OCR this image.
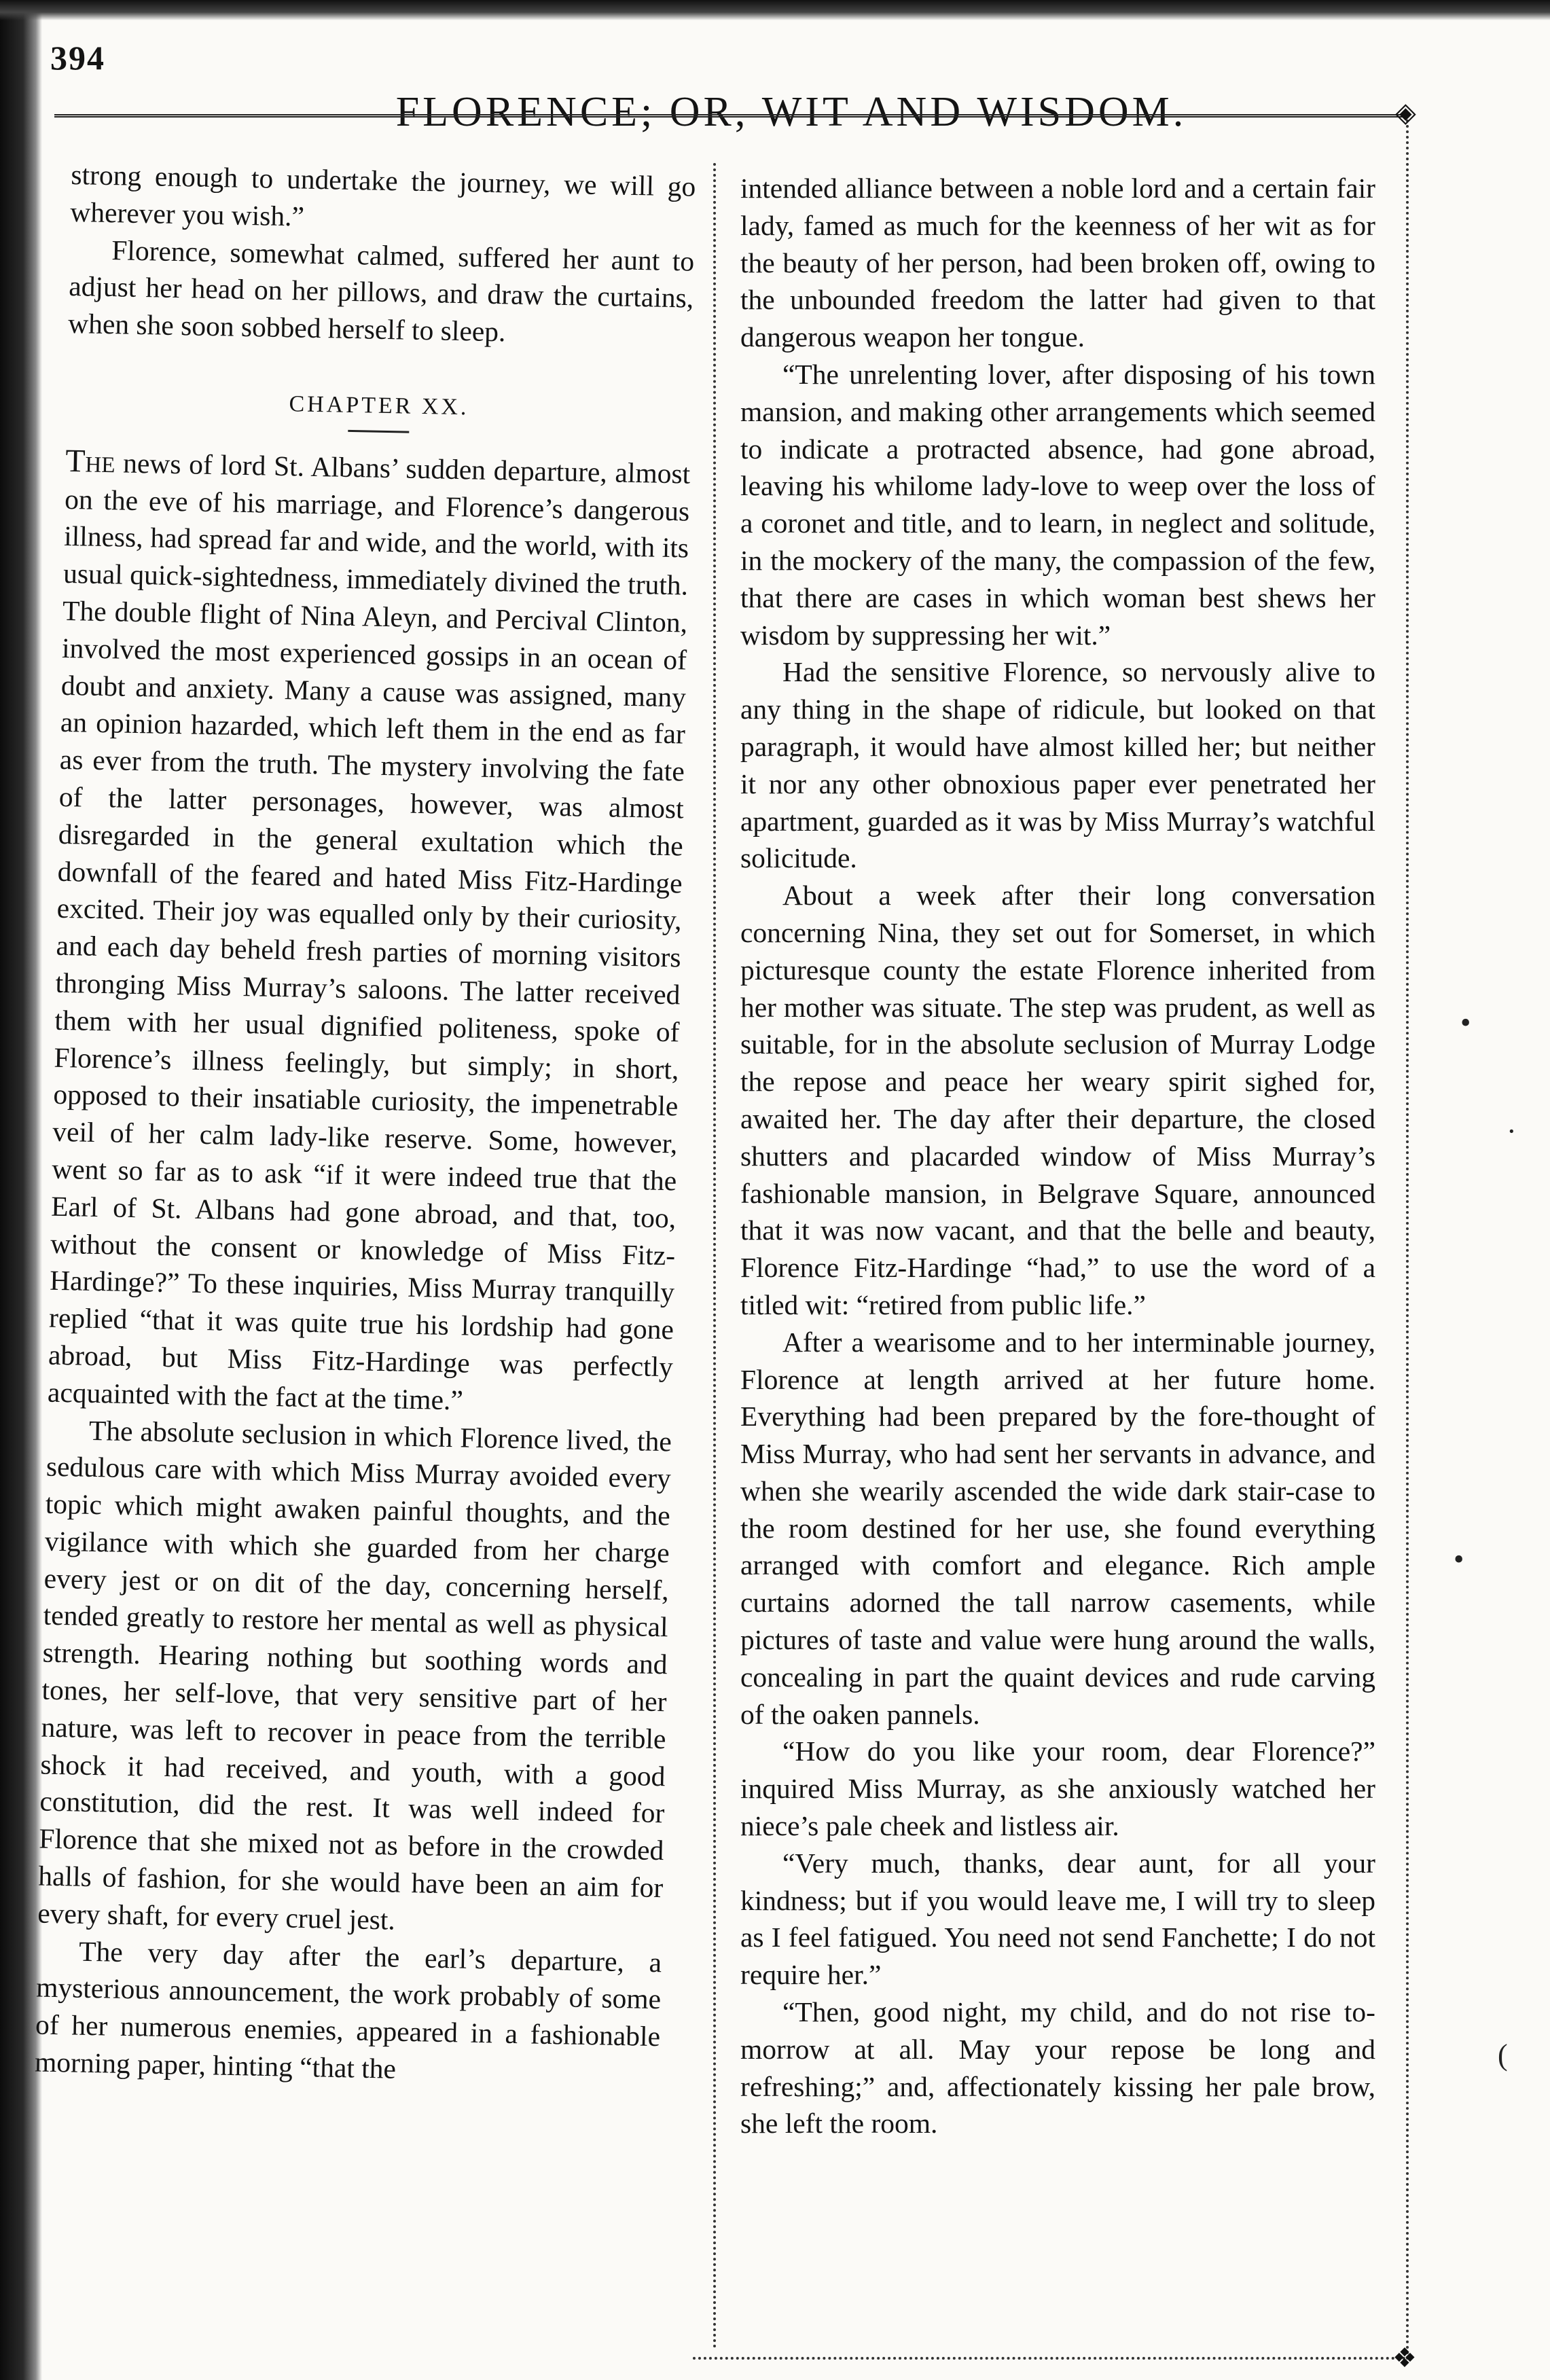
394
FLORENCE; OR, WIT AND WISDOM.	◈
❖

strong enough to undertake the journey, we will go wherever you wish.”

Florence, somewhat calmed, suffered her aunt to adjust her head on her pillows, and draw the curtains, when she soon sobbed herself to sleep.

CHAPTER XX.

The news of lord St. Albans’ sudden departure, almost on the eve of his marriage, and Florence’s dangerous illness, had spread far and wide, and the world, with its usual quick-sightedness, immediately divined the truth. The double flight of Nina Aleyn, and Percival Clinton, involved the most experienced gossips in an ocean of doubt and anxiety. Many a cause was assigned, many an opinion hazarded, which left them in the end as far as ever from the truth. The mystery involving the fate of the latter personages, however, was almost disregarded in the general exultation which the downfall of the feared and hated Miss Fitz-Hardinge excited. Their joy was equalled only by their curiosity, and each day beheld fresh parties of morning visitors thronging Miss Murray’s saloons. The latter received them with her usual dignified politeness, spoke of Florence’s illness feelingly, but simply; in short, opposed to their insatiable curiosity, the impenetrable veil of her calm lady-like reserve. Some, however, went so far as to ask “if it were indeed true that the Earl of St. Albans had gone abroad, and that, too, without the consent or knowledge of Miss Fitz-Hardinge?” To these inquiries, Miss Murray tranquilly replied “that it was quite true his lordship had gone abroad, but Miss Fitz-Hardinge was perfectly acquainted with the fact at the time.”

The absolute seclusion in which Florence lived, the sedulous care with which Miss Murray avoided every topic which might awaken painful thoughts, and the vigilance with which she guarded from her charge every jest or on dit of the day, concerning herself, tended greatly to restore her mental as well as physical strength. Hearing nothing but soothing words and tones, her self-love, that very sensitive part of her nature, was left to recover in peace from the terrible shock it had received, and youth, with a good constitution, did the rest. It was well indeed for Florence that she mixed not as before in the crowded halls of fashion, for she would have been an aim for every shaft, for every cruel jest.

The very day after the earl’s departure, a mysterious announcement, the work probably of some of her numerous enemies, appeared in a fashionable morning paper, hinting “that the

intended alliance between a noble lord and a certain fair lady, famed as much for the keenness of her wit as for the beauty of her person, had been broken off, owing to the unbounded freedom the latter had given to that dangerous weapon her tongue.

“The unrelenting lover, after disposing of his town mansion, and making other arrangements which seemed to indicate a protracted absence, had gone abroad, leaving his whilome lady-love to weep over the loss of a coronet and title, and to learn, in neglect and solitude, in the mockery of the many, the compassion of the few, that there are cases in which woman best shews her wisdom by suppressing her wit.”

Had the sensitive Florence, so nervously alive to any thing in the shape of ridicule, but looked on that paragraph, it would have almost killed her; but neither it nor any other obnoxious paper ever penetrated her apartment, guarded as it was by Miss Murray’s watchful solicitude.

About a week after their long conversation concerning Nina, they set out for Somerset, in which picturesque county the estate Florence inherited from her mother was situate. The step was prudent, as well as suitable, for in the absolute seclusion of Murray Lodge the repose and peace her weary spirit sighed for, awaited her. The day after their departure, the closed shutters and placarded window of Miss Murray’s fashionable mansion, in Belgrave Square, announced that it was now vacant, and that the belle and beauty, Florence Fitz-Hardinge “had,” to use the word of a titled wit: “retired from public life.”

After a wearisome and to her interminable journey, Florence at length arrived at her future home. Everything had been prepared by the fore-thought of Miss Murray, who had sent her servants in advance, and when she wearily ascended the wide dark stair-case to the room destined for her use, she found everything arranged with comfort and elegance. Rich ample curtains adorned the tall narrow casements, while pictures of taste and value were hung around the walls, concealing in part the quaint devices and rude carving of the oaken pannels.

“How do you like your room, dear Florence?” inquired Miss Murray, as she anxiously watched her niece’s pale cheek and listless air.

“Very much, thanks, dear aunt, for all your kindness; but if you would leave me, I will try to sleep as I feel fatigued. You need not send Fanchette; I do not require her.”

“Then, good night, my child, and do not rise to-morrow at all. May your repose be long and refreshing;” and, affectionately kissing her pale brow, she left the room.

•
·
•
(
